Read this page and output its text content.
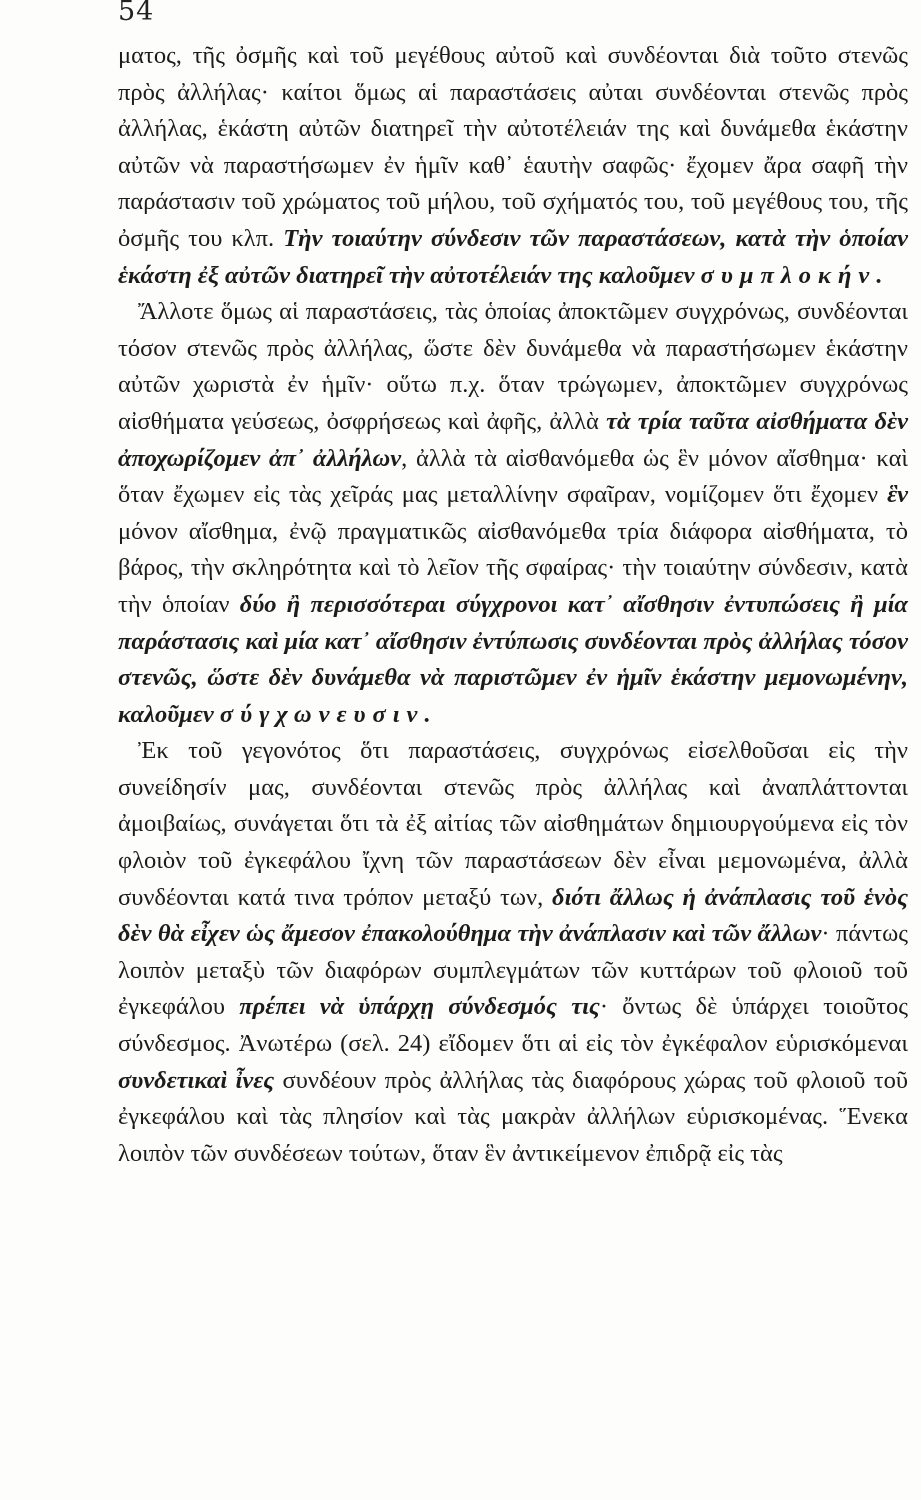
54

ματος, τῆς ὀσμῆς καὶ τοῦ μεγέθους αὐτοῦ καὶ συνδέονται διὰ τοῦτο στενῶς πρὸς ἀλλήλας· καίτοι ὅμως αἱ παραστάσεις αὐται συνδέονται στενῶς πρὸς ἀλλήλας, ἑκάστη αὐτῶν διατηρεῖ τὴν αὐτοτέλειάν της καὶ δυνάμεθα ἑκάστην αὐτῶν νὰ παραστήσωμεν ἐν ἡμῖν καθ᾽ ἑαυτὴν σαφῶς· ἔχομεν ἄρα σαφῆ τὴν παράστασιν τοῦ χρώματος τοῦ μήλου, τοῦ σχήματός του, τοῦ μεγέθους του, τῆς ὀσμῆς του κλπ. Τὴν τοιαύτην σύνδεσιν τῶν παραστάσεων, κατὰ τὴν ὁποίαν ἑκάστη ἐξ αὐτῶν διατηρεῖ τὴν αὐτοτέλειάν της καλοῦμεν συμπλοκήν.

Ἄλλοτε ὅμως αἱ παραστάσεις, τὰς ὁποίας ἀποκτῶμεν συγχρόνως, συνδέονται τόσον στενῶς πρὸς ἀλλήλας, ὥστε δὲν δυνάμεθα νὰ παραστήσωμεν ἑκάστην αὐτῶν χωριστὰ ἐν ἡμῖν· οὕτω π.χ. ὅταν τρώγωμεν, ἀποκτῶμεν συγχρόνως αἰσθήματα γεύσεως, ὀσφρήσεως καὶ ἀφῆς, ἀλλὰ τὰ τρία ταῦτα αἰσθήματα δὲν ἀποχωρίζομεν ἀπ᾽ ἀλλήλων, ἀλλὰ τὰ αἰσθανόμεθα ὡς ἓν μόνον αἴσθημα· καὶ ὅταν ἔχωμεν εἰς τὰς χεῖράς μας μεταλλίνην σφαῖραν, νομίζομεν ὅτι ἔχομεν ἓν μόνον αἴσθημα, ἐνῷ πραγματικῶς αἰσθανόμεθα τρία διάφορα αἰσθήματα, τὸ βάρος, τὴν σκληρότητα καὶ τὸ λεῖον τῆς σφαίρας· τὴν τοιαύτην σύνδεσιν, κατὰ τὴν ὁποίαν δύο ἢ περισσότεραι σύγχρονοι κατ᾽ αἴσθησιν ἐντυπώσεις ἢ μία παράστασις καὶ μία κατ᾽ αἴσθησιν ἐντύπωσις συνδέονται πρὸς ἀλλήλας τόσον στενῶς, ὥστε δὲν δυνάμεθα νὰ παριστῶμεν ἐν ἡμῖν ἑκάστην μεμονωμένην, καλοῦμεν σύγχωνευσιν.

Ἐκ τοῦ γεγονότος ὅτι παραστάσεις, συγχρόνως εἰσελθοῦσαι εἰς τὴν συνείδησίν μας, συνδέονται στενῶς πρὸς ἀλλήλας καὶ ἀναπλάττονται ἀμοιβαίως, συνάγεται ὅτι τὰ ἐξ αἰτίας τῶν αἰσθημάτων δημιουργούμενα εἰς τὸν φλοιὸν τοῦ ἐγκεφάλου ἴχνη τῶν παραστάσεων δὲν εἶναι μεμονωμένα, ἀλλὰ συνδέονται κατά τινα τρόπον μεταξύ των, διότι ἄλλως ἡ ἀνάπλασις τοῦ ἑνὸς δὲν θὰ εἶχεν ὡς ἄμεσον ἐπακολούθημα τὴν ἀνάπλασιν καὶ τῶν ἄλλων· πάντως λοιπὸν μεταξὺ τῶν διαφόρων συμπλεγμάτων τῶν κυττάρων τοῦ φλοιοῦ τοῦ ἐγκεφάλου πρέπει νὰ ὑπάρχῃ σύνδεσμός τις· ὄντως δὲ ὑπάρχει τοιοῦτος σύνδεσμος. Ἀνωτέρω (σελ. 24) εἴδομεν ὅτι αἱ εἰς τὸν ἐγκέφαλον εὑρισκόμεναι συνδετικαὶ ἶνες συνδέουν πρὸς ἀλλήλας τὰς διαφόρους χώρας τοῦ φλοιοῦ τοῦ ἐγκεφάλου καὶ τὰς πλησίον καὶ τὰς μακρὰν ἀλλήλων εὑρισκομένας. Ἕνεκα λοιπὸν τῶν συνδέσεων τούτων, ὅταν ἓν ἀντικείμενον ἐπιδρᾷ εἰς τὰς
